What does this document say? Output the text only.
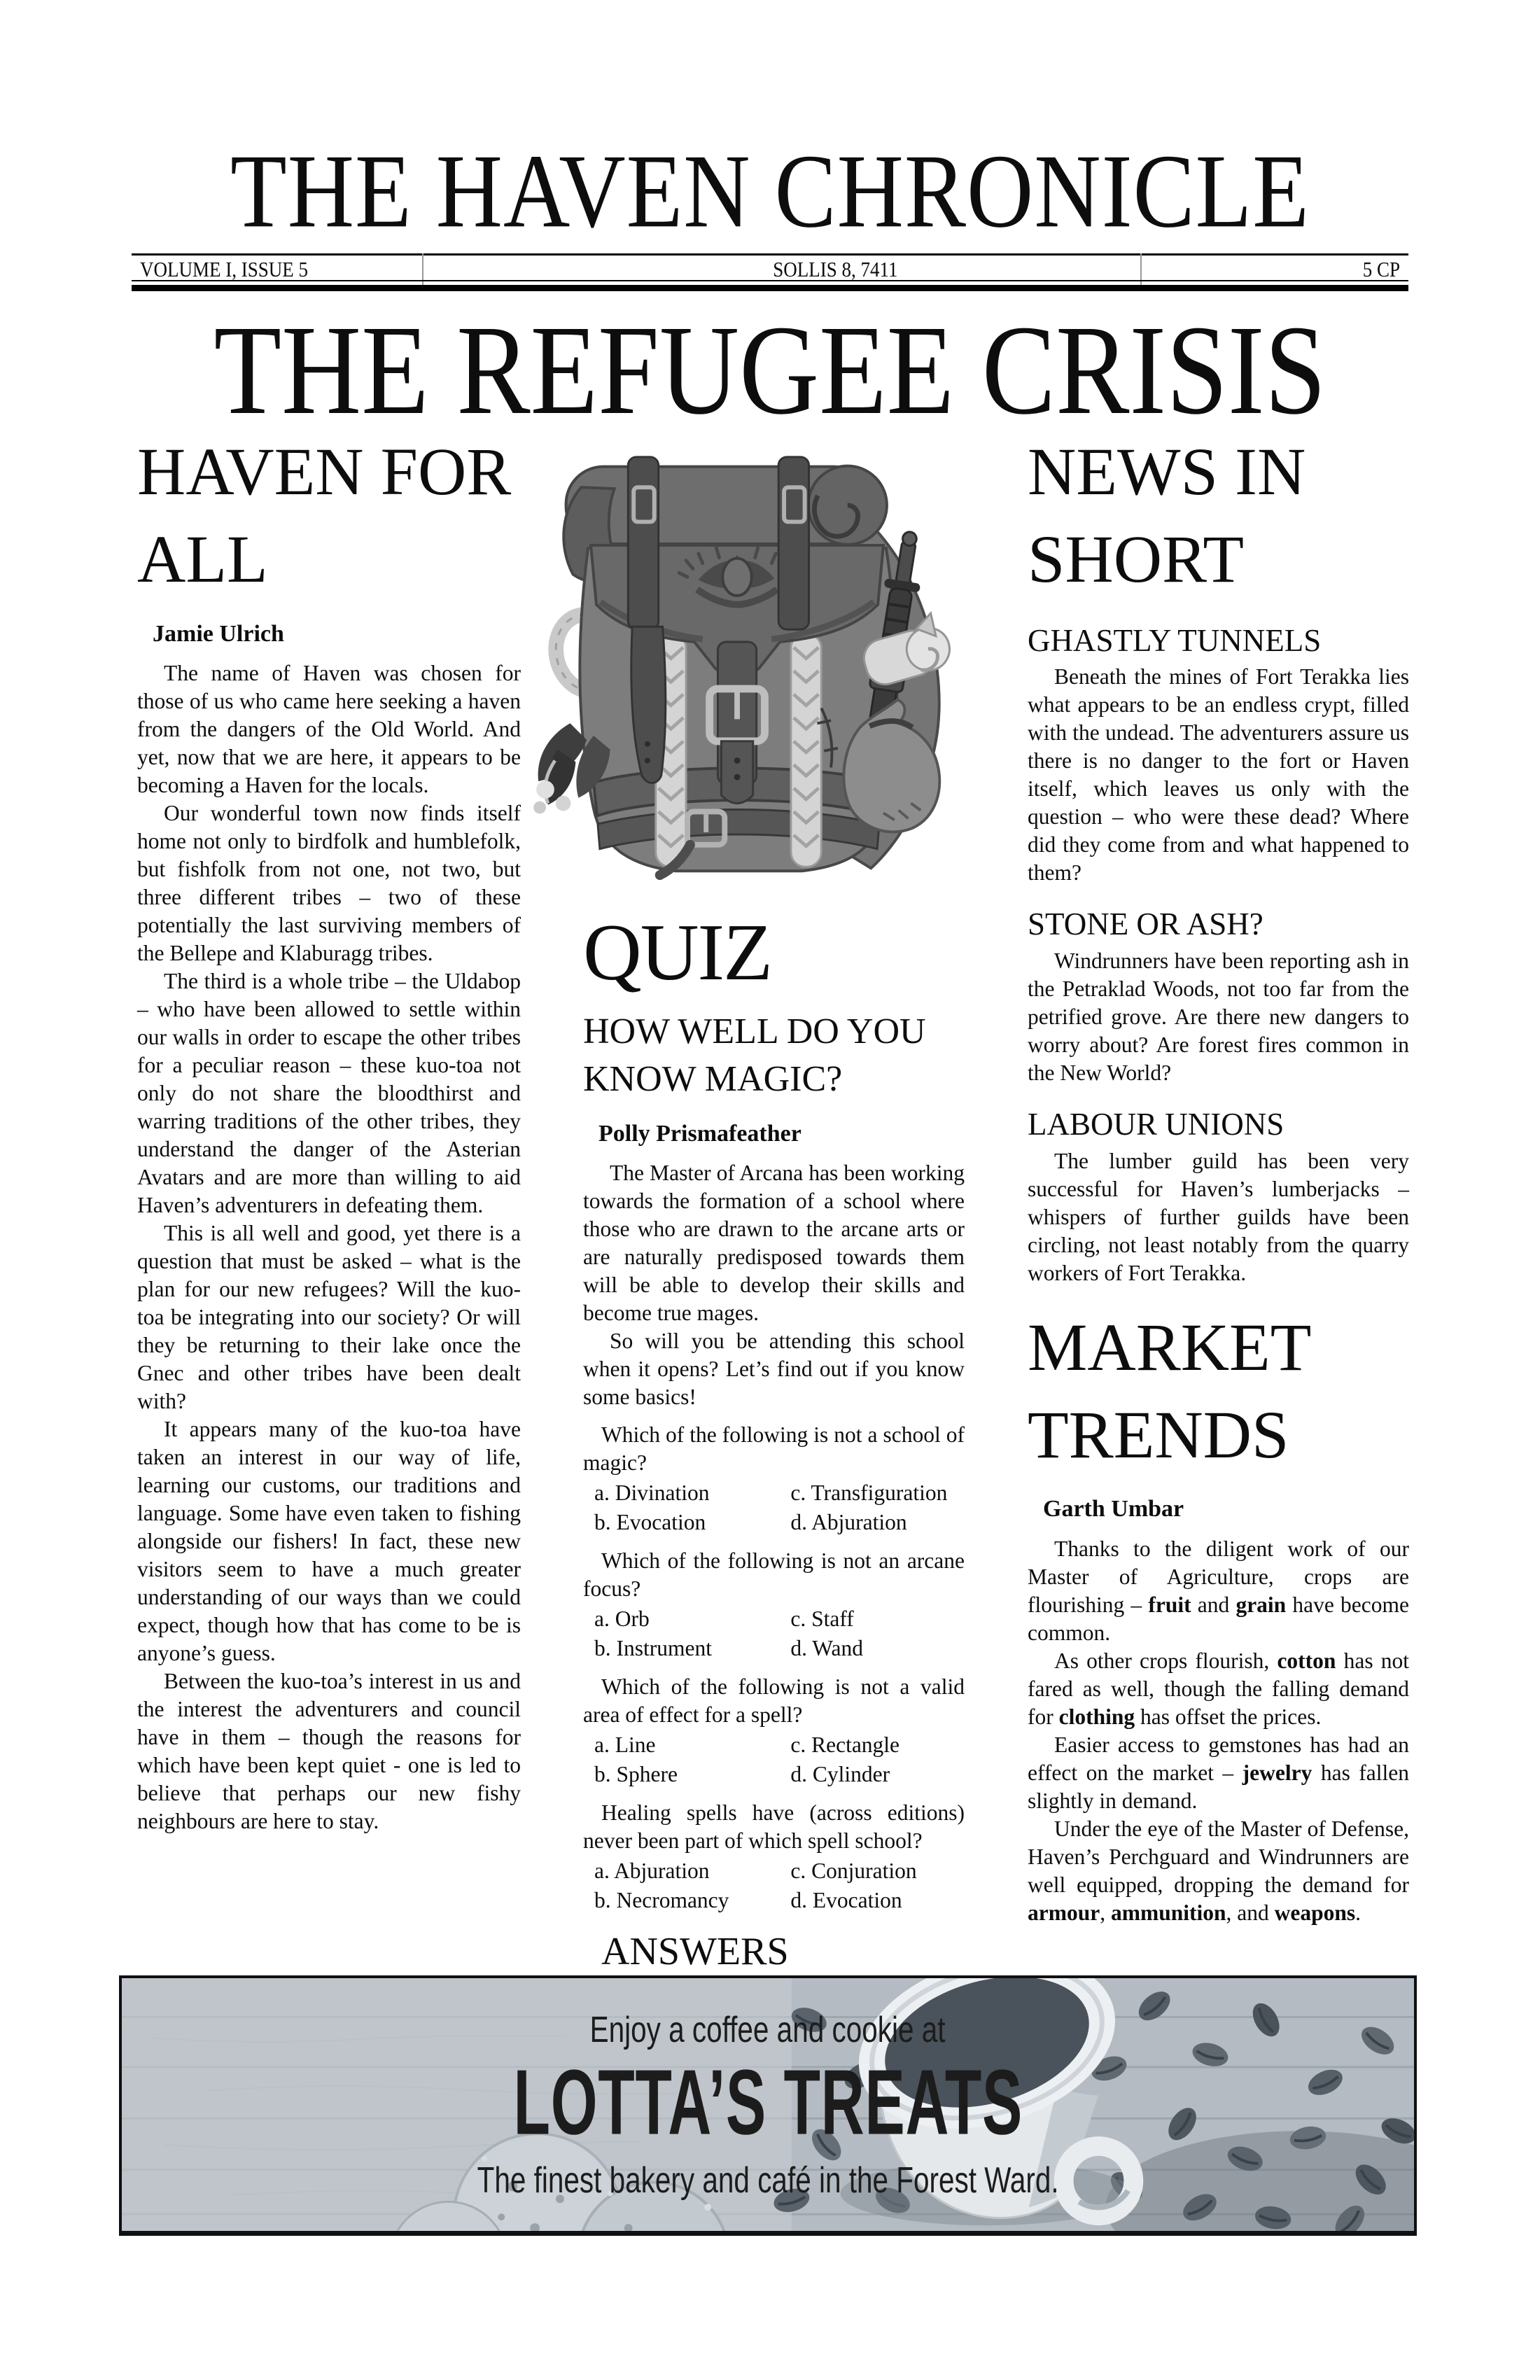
THE HAVEN CHRONICLE
VOLUME I, ISSUE 5	SOLLIS 8, 7411	5 CP
THE REFUGEE CRISIS
HAVEN FOR ALL
Jamie Ulrich

The name of Haven was chosen for those of us who came here seeking a haven from the dangers of the Old World. And yet, now that we are here, it appears to be becoming a Haven for the locals.

Our wonderful town now finds itself home not only to birdfolk and humblefolk, but fishfolk from not one, not two, but three different tribes – two of these potentially the last surviving members of the Bellepe and Klaburagg tribes.

The third is a whole tribe – the Uldabop – who have been allowed to settle within our walls in order to escape the other tribes for a peculiar reason – these kuo-toa not only do not share the bloodthirst and warring traditions of the other tribes, they understand the danger of the Asterian Avatars and are more than willing to aid Haven’s adventurers in defeating them.

This is all well and good, yet there is a question that must be asked – what is the plan for our new refugees? Will the kuo-toa be integrating into our society? Or will they be returning to their lake once the Gnec and other tribes have been dealt with?

It appears many of the kuo-toa have taken an interest in our way of life, learning our customs, our traditions and language. Some have even taken to fishing alongside our fishers! In fact, these new visitors seem to have a much greater understanding of our ways than we could expect, though how that has come to be is anyone’s guess.

Between the kuo-toa’s interest in us and the interest the adventurers and council have in them – though the reasons for which have been kept quiet - one is led to believe that perhaps our new fishy neighbours are here to stay.

QUIZ
HOW WELL DO YOU KNOW MAGIC?
Polly Prismafeather

The Master of Arcana has been working towards the formation of a school where those who are drawn to the arcane arts or are naturally predisposed towards them will be able to develop their skills and become true mages.

So will you be attending this school when it opens? Let’s find out if you know some basics!

Which of the following is not a school of magic?

a. Divination	c. Transfiguration
b. Evocation	d. Abjuration

Which of the following is not an arcane focus?

a. Orb	c. Staff
b. Instrument	d. Wand

Which of the following is not a valid area of effect for a spell?

a. Line	c. Rectangle
b. Sphere	d. Cylinder

Healing spells have (across editions) never been part of which spell school?

a. Abjuration	c. Conjuration
b. Necromancy	d. Evocation
ANSWERS
NEWS IN SHORT
GHASTLY TUNNELS

Beneath the mines of Fort Terakka lies what appears to be an endless crypt, filled with the undead. The adventurers assure us there is no danger to the fort or Haven itself, which leaves us only with the question – who were these dead? Where did they come from and what happened to them?

STONE OR ASH?

Windrunners have been reporting ash in the Petraklad Woods, not too far from the petrified grove. Are there new dangers to worry about? Are forest fires common in the New World?

LABOUR UNIONS

The lumber guild has been very successful for Haven’s lumberjacks – whispers of further guilds have been circling, not least notably from the quarry workers of Fort Terakka.

MARKET TRENDS
Garth Umbar

Thanks to the diligent work of our Master of Agriculture, crops are flourishing – fruit and grain have become common.

As other crops flourish, cotton has not fared as well, though the falling demand for clothing has offset the prices.

Easier access to gemstones has had an effect on the market – jewelry has fallen slightly in demand.

Under the eye of the Master of Defense, Haven’s Perchguard and Windrunners are well equipped, dropping the demand for armour, ammunition, and weapons.

Enjoy a coffee and cookie at
LOTTA’S TREATS
The finest bakery and café in the Forest Ward.
